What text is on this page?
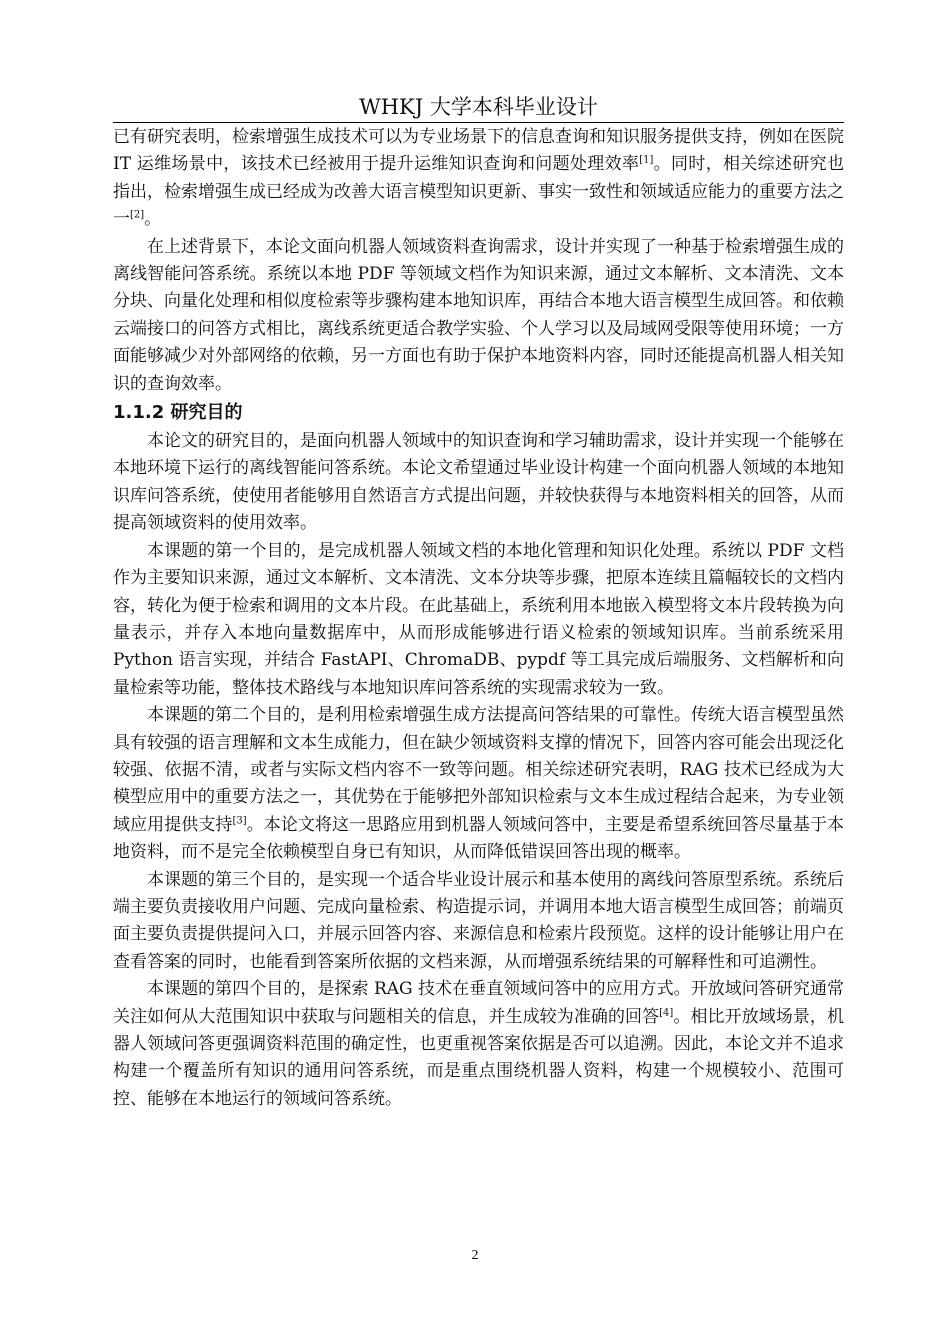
WHKJ 大学本科毕业设计

已有研究表明，检索增强生成技术可以为专业场景下的信息查询和知识服务提供支持，例如在医院 IT 运维场景中，该技术已经被用于提升运维知识查询和问题处理效率[1]。同时，相关综述研究也指出，检索增强生成已经成为改善大语言模型知识更新、事实一致性和领域适应能力的重要方法之一[2]。

在上述背景下，本论文面向机器人领域资料查询需求，设计并实现了一种基于检索增强生成的离线智能问答系统。系统以本地 PDF 等领域文档作为知识来源，通过文本解析、文本清洗、文本分块、向量化处理和相似度检索等步骤构建本地知识库，再结合本地大语言模型生成回答。和依赖云端接口的问答方式相比，离线系统更适合教学实验、个人学习以及局域网受限等使用环境；一方面能够减少对外部网络的依赖，另一方面也有助于保护本地资料内容，同时还能提高机器人相关知识的查询效率。

1.1.2 研究目的

本论文的研究目的，是面向机器人领域中的知识查询和学习辅助需求，设计并实现一个能够在本地环境下运行的离线智能问答系统。本论文希望通过毕业设计构建一个面向机器人领域的本地知识库问答系统，使使用者能够用自然语言方式提出问题，并较快获得与本地资料相关的回答，从而提高领域资料的使用效率。

本课题的第一个目的，是完成机器人领域文档的本地化管理和知识化处理。系统以 PDF 文档作为主要知识来源，通过文本解析、文本清洗、文本分块等步骤，把原本连续且篇幅较长的文档内容，转化为便于检索和调用的文本片段。在此基础上，系统利用本地嵌入模型将文本片段转换为向量表示，并存入本地向量数据库中，从而形成能够进行语义检索的领域知识库。当前系统采用 Python 语言实现，并结合 FastAPI、ChromaDB、pypdf 等工具完成后端服务、文档解析和向量检索等功能，整体技术路线与本地知识库问答系统的实现需求较为一致。

本课题的第二个目的，是利用检索增强生成方法提高问答结果的可靠性。传统大语言模型虽然具有较强的语言理解和文本生成能力，但在缺少领域资料支撑的情况下，回答内容可能会出现泛化较强、依据不清，或者与实际文档内容不一致等问题。相关综述研究表明，RAG 技术已经成为大模型应用中的重要方法之一，其优势在于能够把外部知识检索与文本生成过程结合起来，为专业领域应用提供支持[3]。本论文将这一思路应用到机器人领域问答中，主要是希望系统回答尽量基于本地资料，而不是完全依赖模型自身已有知识，从而降低错误回答出现的概率。

本课题的第三个目的，是实现一个适合毕业设计展示和基本使用的离线问答原型系统。系统后端主要负责接收用户问题、完成向量检索、构造提示词，并调用本地大语言模型生成回答；前端页面主要负责提供提问入口，并展示回答内容、来源信息和检索片段预览。这样的设计能够让用户在查看答案的同时，也能看到答案所依据的文档来源，从而增强系统结果的可解释性和可追溯性。

本课题的第四个目的，是探索 RAG 技术在垂直领域问答中的应用方式。开放域问答研究通常关注如何从大范围知识中获取与问题相关的信息，并生成较为准确的回答[4]。相比开放域场景，机器人领域问答更强调资料范围的确定性，也更重视答案依据是否可以追溯。因此，本论文并不追求构建一个覆盖所有知识的通用问答系统，而是重点围绕机器人资料，构建一个规模较小、范围可控、能够在本地运行的领域问答系统。

2
